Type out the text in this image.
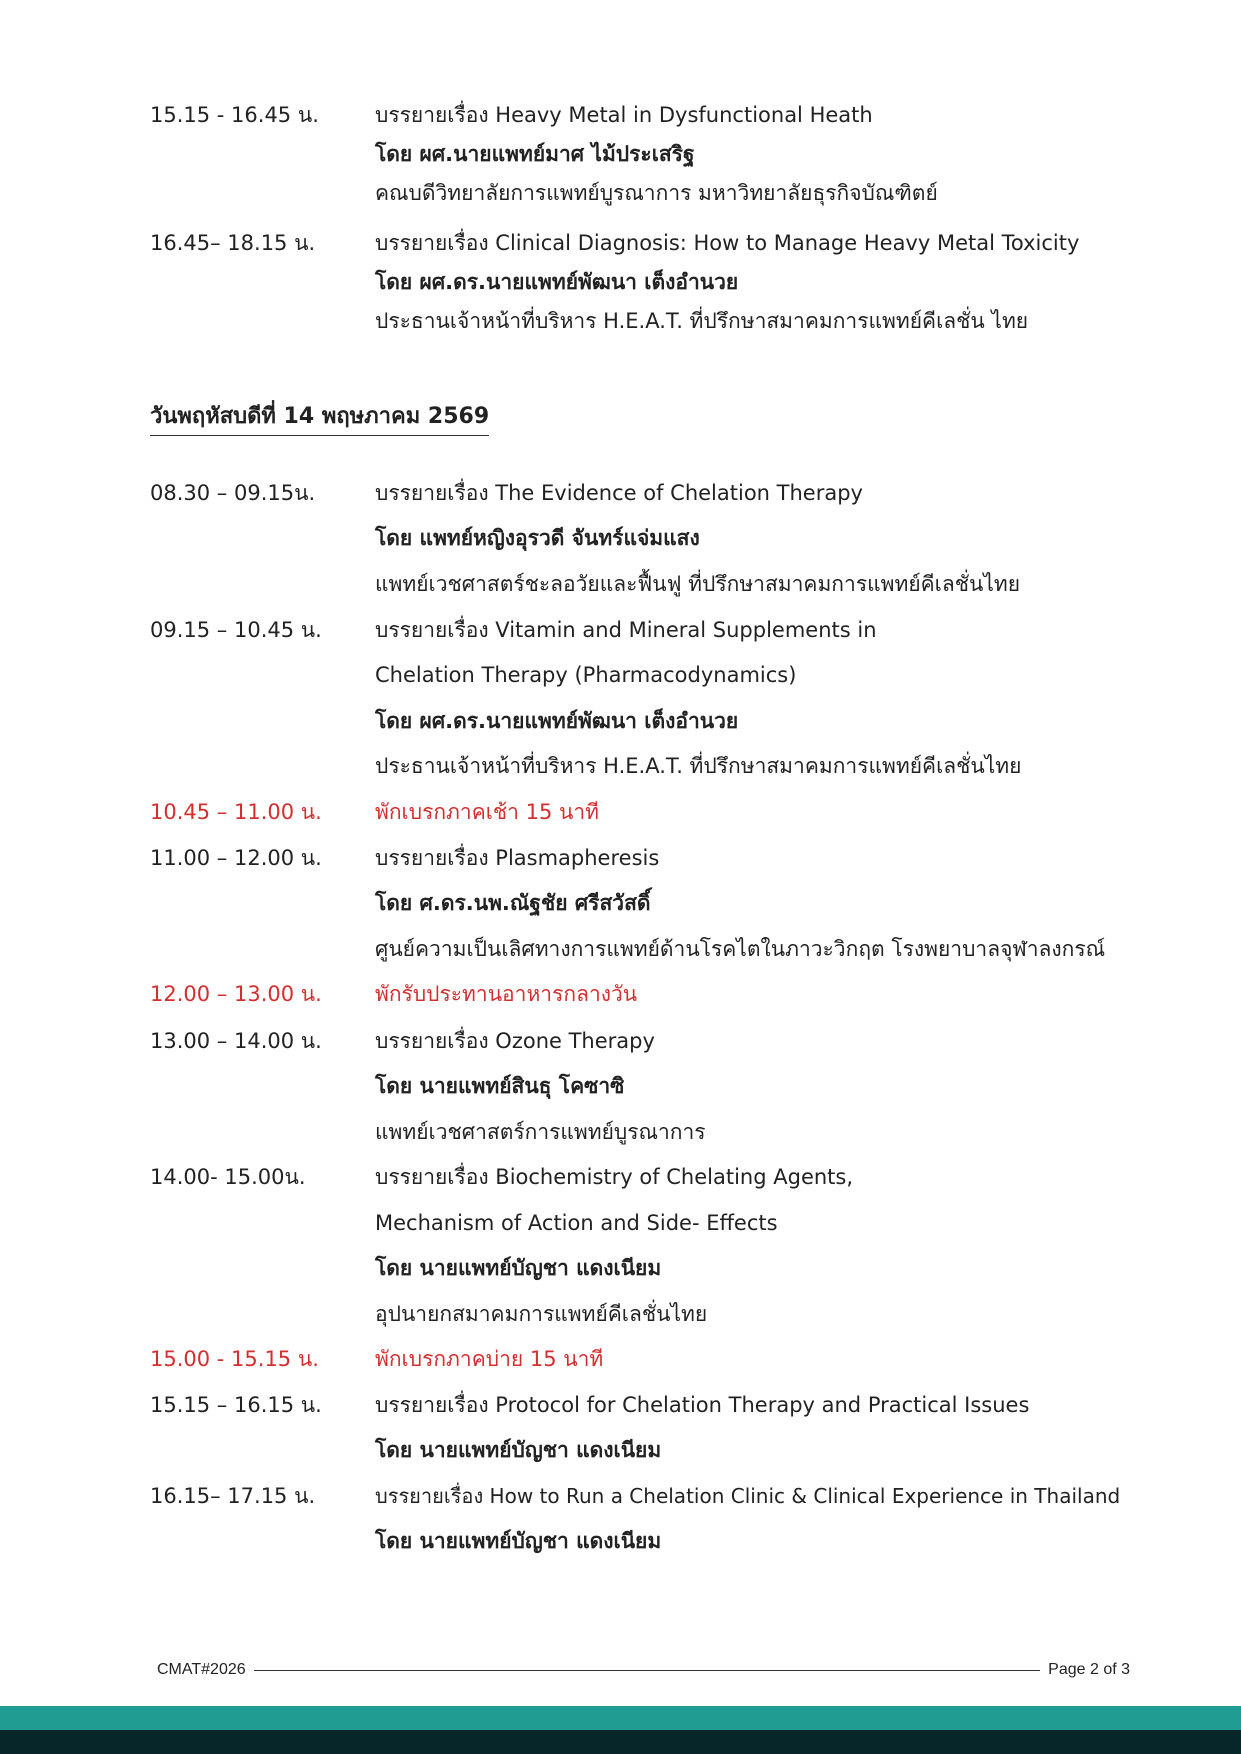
15.15 - 16.45 น.	บรรยายเรื่อง Heavy Metal in Dysfunctional Heath
โดย ผศ.นายแพทย์มาศ ไม้ประเสริฐ
คณบดีวิทยาลัยการแพทย์บูรณาการ มหาวิทยาลัยธุรกิจบัณฑิตย์
16.45– 18.15 น.	บรรยายเรื่อง Clinical Diagnosis: How to Manage Heavy Metal Toxicity
โดย ผศ.ดร.นายแพทย์พัฒนา เต็งอำนวย
ประธานเจ้าหน้าที่บริหาร H.E.A.T. ที่ปรึกษาสมาคมการแพทย์คีเลชั่น ไทย
วันพฤหัสบดีที่ 14 พฤษภาคม 2569
08.30 – 09.15น.	บรรยายเรื่อง The Evidence of Chelation Therapy
โดย แพทย์หญิงอุรวดี จันทร์แจ่มแสง
แพทย์เวชศาสตร์ชะลอวัยและฟื้นฟู ที่ปรึกษาสมาคมการแพทย์คีเลชั่นไทย
09.15 – 10.45 น.	บรรยายเรื่อง Vitamin and Mineral Supplements in
Chelation Therapy (Pharmacodynamics)
โดย ผศ.ดร.นายแพทย์พัฒนา เต็งอำนวย
ประธานเจ้าหน้าที่บริหาร H.E.A.T. ที่ปรึกษาสมาคมการแพทย์คีเลชั่นไทย
10.45 – 11.00 น.	พักเบรกภาคเช้า 15 นาที
11.00 – 12.00 น.	บรรยายเรื่อง Plasmapheresis
โดย ศ.ดร.นพ.ณัฐชัย ศรีสวัสดิ์
ศูนย์ความเป็นเลิศทางการแพทย์ด้านโรคไตในภาวะวิกฤต โรงพยาบาลจุฬาลงกรณ์
12.00 – 13.00 น.	พักรับประทานอาหารกลางวัน
13.00 – 14.00 น.	บรรยายเรื่อง Ozone Therapy
โดย นายแพทย์สินธุ โคซาซิ
แพทย์เวชศาสตร์การแพทย์บูรณาการ
14.00- 15.00น.	บรรยายเรื่อง Biochemistry of Chelating Agents,
Mechanism of Action and Side- Effects
โดย นายแพทย์บัญชา แดงเนียม
อุปนายกสมาคมการแพทย์คีเลชั่นไทย
15.00 - 15.15 น.	พักเบรกภาคบ่าย 15 นาที
15.15 – 16.15 น.	บรรยายเรื่อง Protocol for Chelation Therapy and Practical Issues
โดย นายแพทย์บัญชา แดงเนียม
16.15– 17.15 น.	บรรยายเรื่อง How to Run a Chelation Clinic & Clinical Experience in Thailand
โดย นายแพทย์บัญชา แดงเนียม
CMAT#2026	Page 2 of 3
